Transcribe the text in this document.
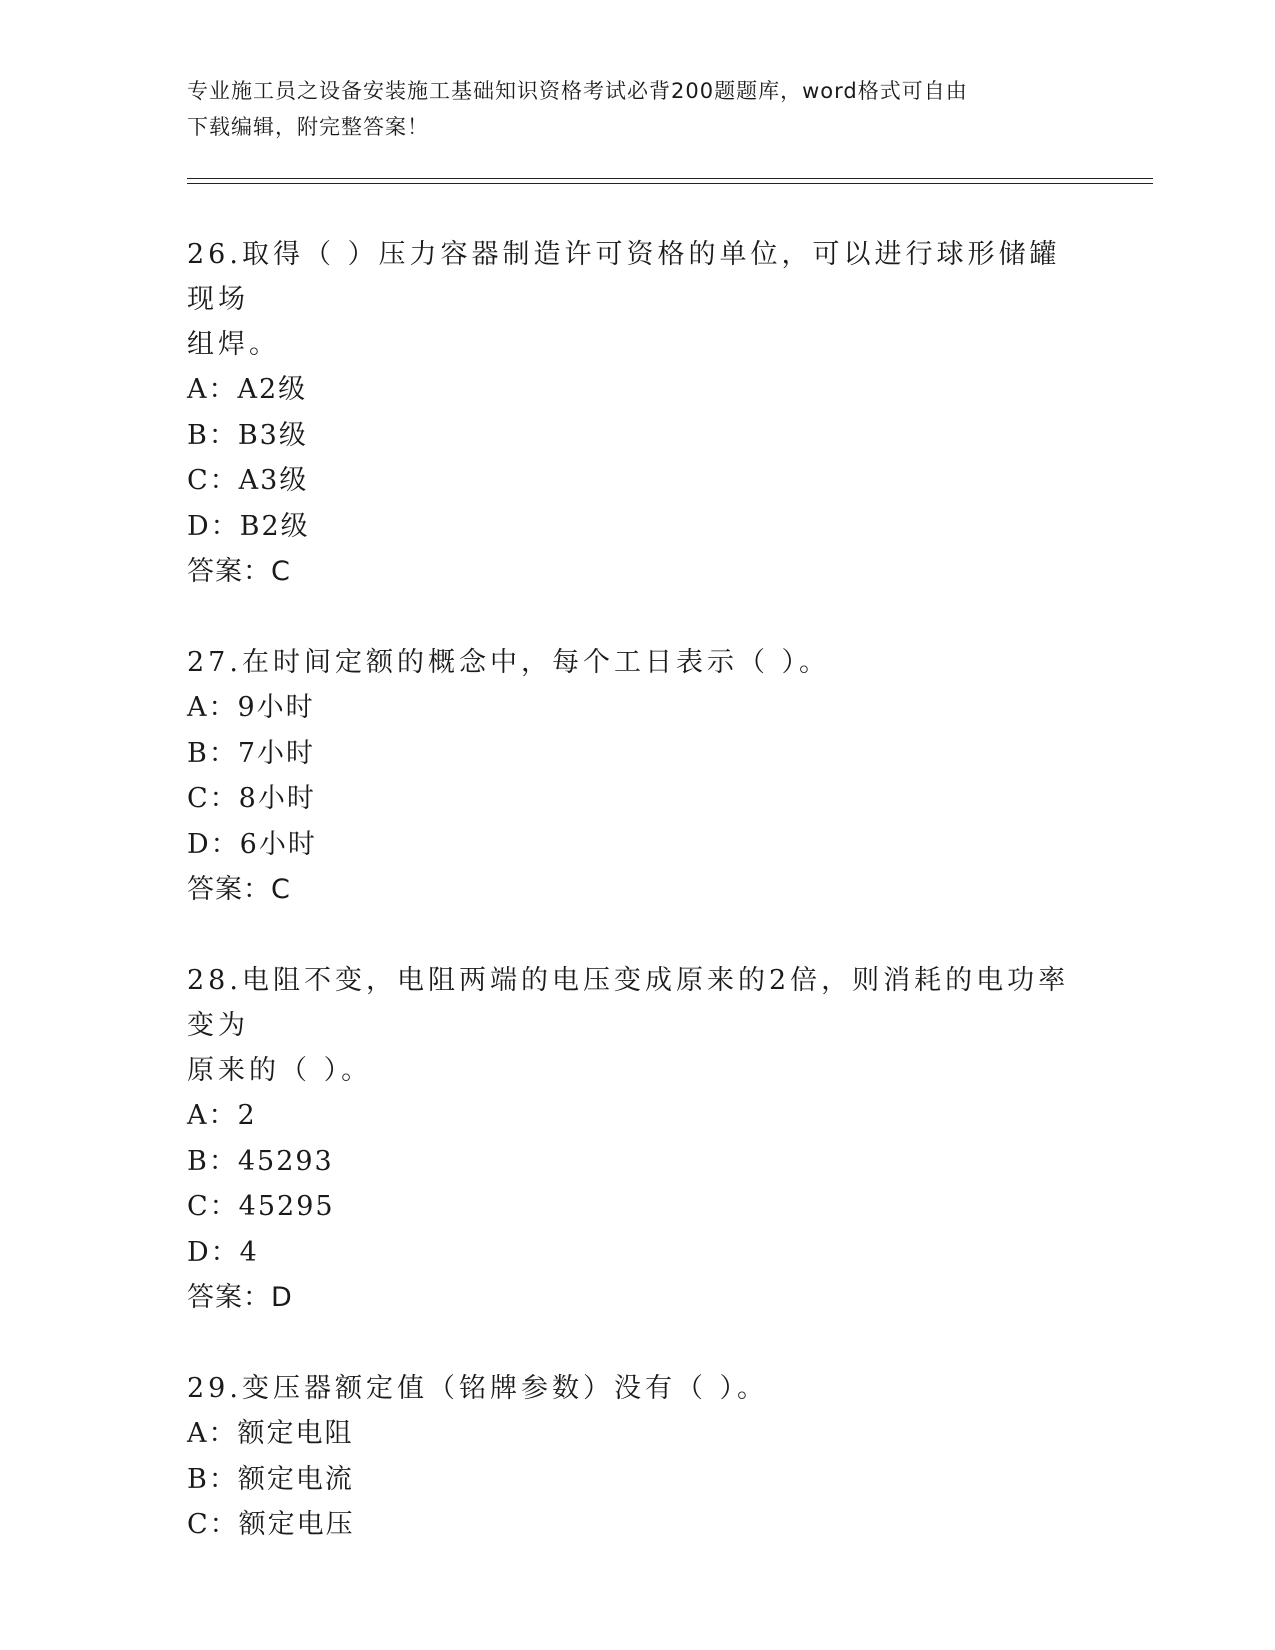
专业施工员之设备安装施工基础知识资格考试必背200题题库，word格式可自由
下载编辑，附完整答案！
26.取得（ ）压力容器制造许可资格的单位，可以进行球形储罐现场
组焊。
A：A2级
B：B3级
C：A3级
D：B2级
答案：C
27.在时间定额的概念中，每个工日表示（ ）。
A：9小时
B：7小时
C：8小时
D：6小时
答案：C
28.电阻不变，电阻两端的电压变成原来的2倍，则消耗的电功率变为
原来的（ ）。
A：2
B：45293
C：45295
D：4
答案：D
29.变压器额定值（铭牌参数）没有（ ）。
A：额定电阻
B：额定电流
C：额定电压
